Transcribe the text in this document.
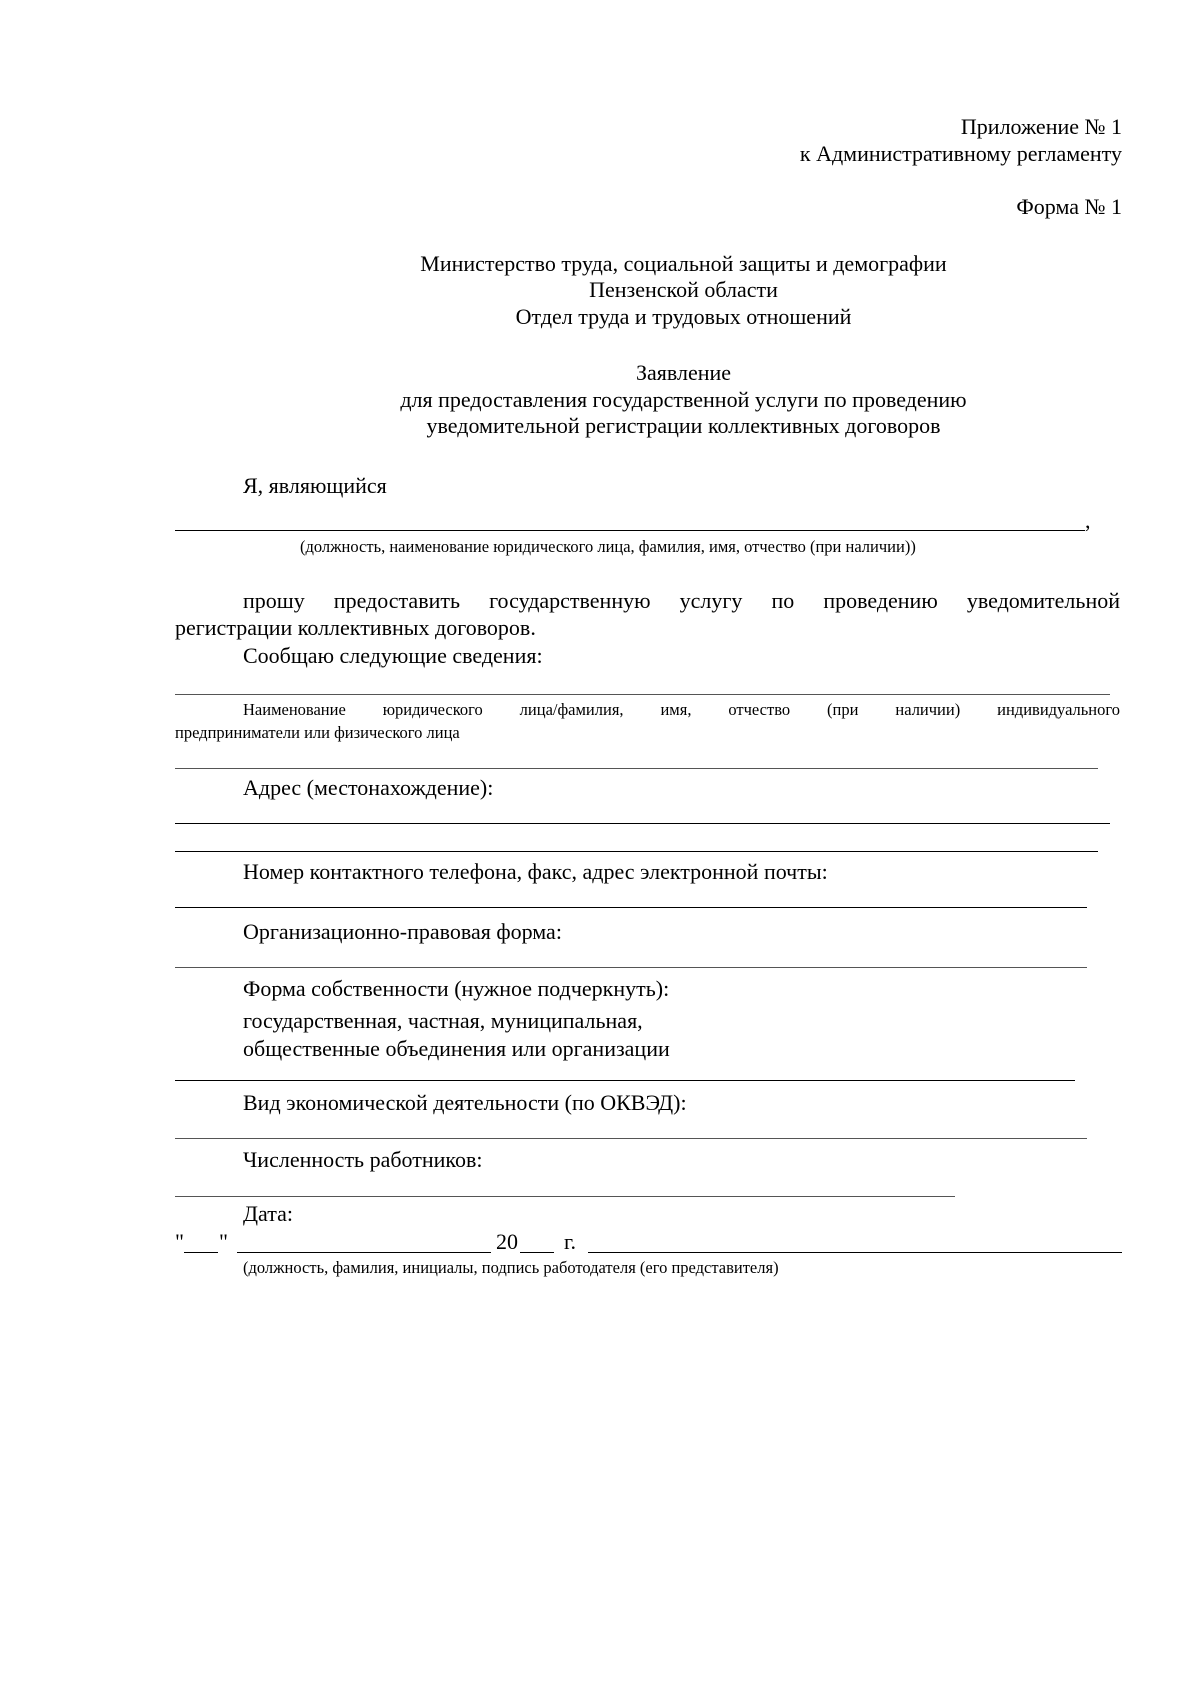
Приложение № 1
к Административному регламенту
Форма № 1
Министерство труда, социальной защиты и демографии
Пензенской области
Отдел труда и трудовых отношений
Заявление
для предоставления государственной услуги по проведению
уведомительной регистрации коллективных договоров
Я, являющийся
,
(должность, наименование юридического лица, фамилия, имя, отчество (при наличии))
прошу предоставить государственную услугу по проведению уведомительной
регистрации коллективных договоров.
Сообщаю следующие сведения:
Наименование юридического лица/фамилия, имя, отчество (при наличии) индивидуального
предприниматели или физического лица
Адрес (местонахождение):
Номер контактного телефона, факс, адрес электронной почты:
Организационно-правовая форма:
Форма собственности (нужное подчеркнуть):
государственная, частная, муниципальная,
общественные объединения или организации
Вид экономической деятельности (по ОКВЭД):
Численность работников:
Дата:
" "	20 г.
(должность, фамилия, инициалы, подпись работодателя (его представителя)
